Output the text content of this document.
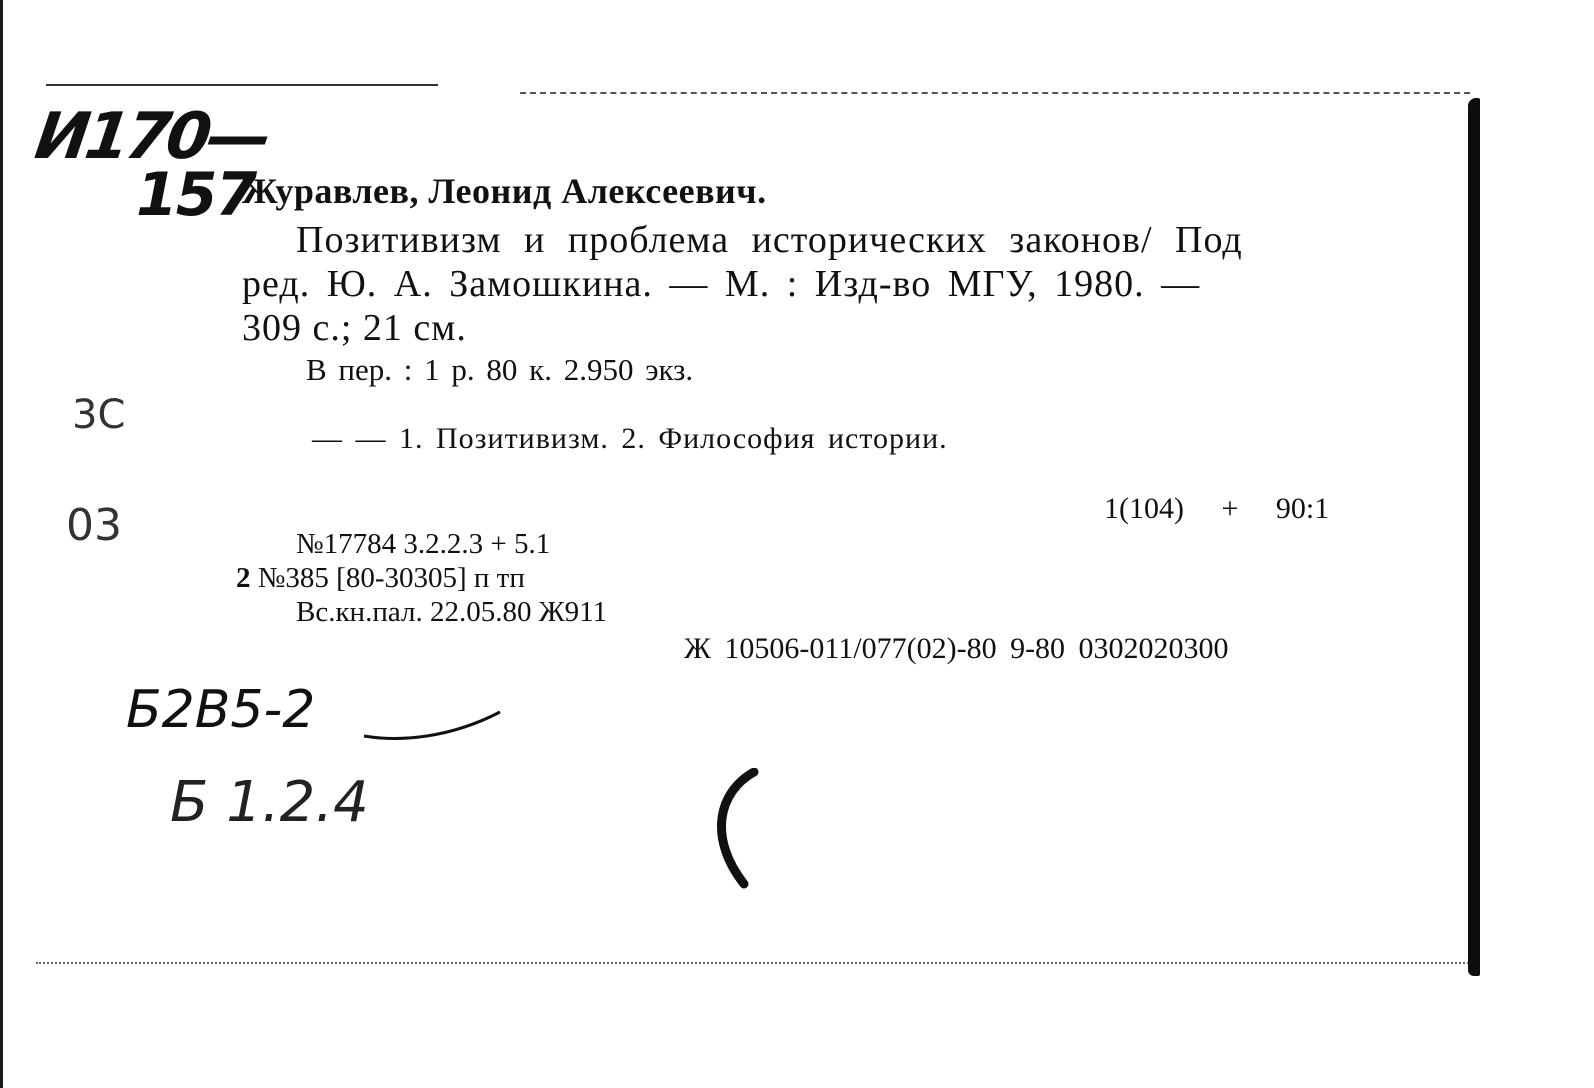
И170—
157
3С
03
Б2В5-2
Б 1.2.4
Журавлев, Леонид Алексеевич.
Позитивизм и проблема исторических законов/ Под
ред. Ю. А. Замошкина. — М. : Изд-во МГУ, 1980. —
309 с.; 21 см.
В пер. : 1 р. 80 к. 2.950 экз.
— — 1. Позитивизм. 2. Философия истории.
1(104) + 90:1
№17784 3.2.2.3 + 5.1
2 №385 [80-30305] п тп
Вс.кн.пал. 22.05.80 Ж911
Ж 10506-011/077(02)-80 9-80 0302020300
